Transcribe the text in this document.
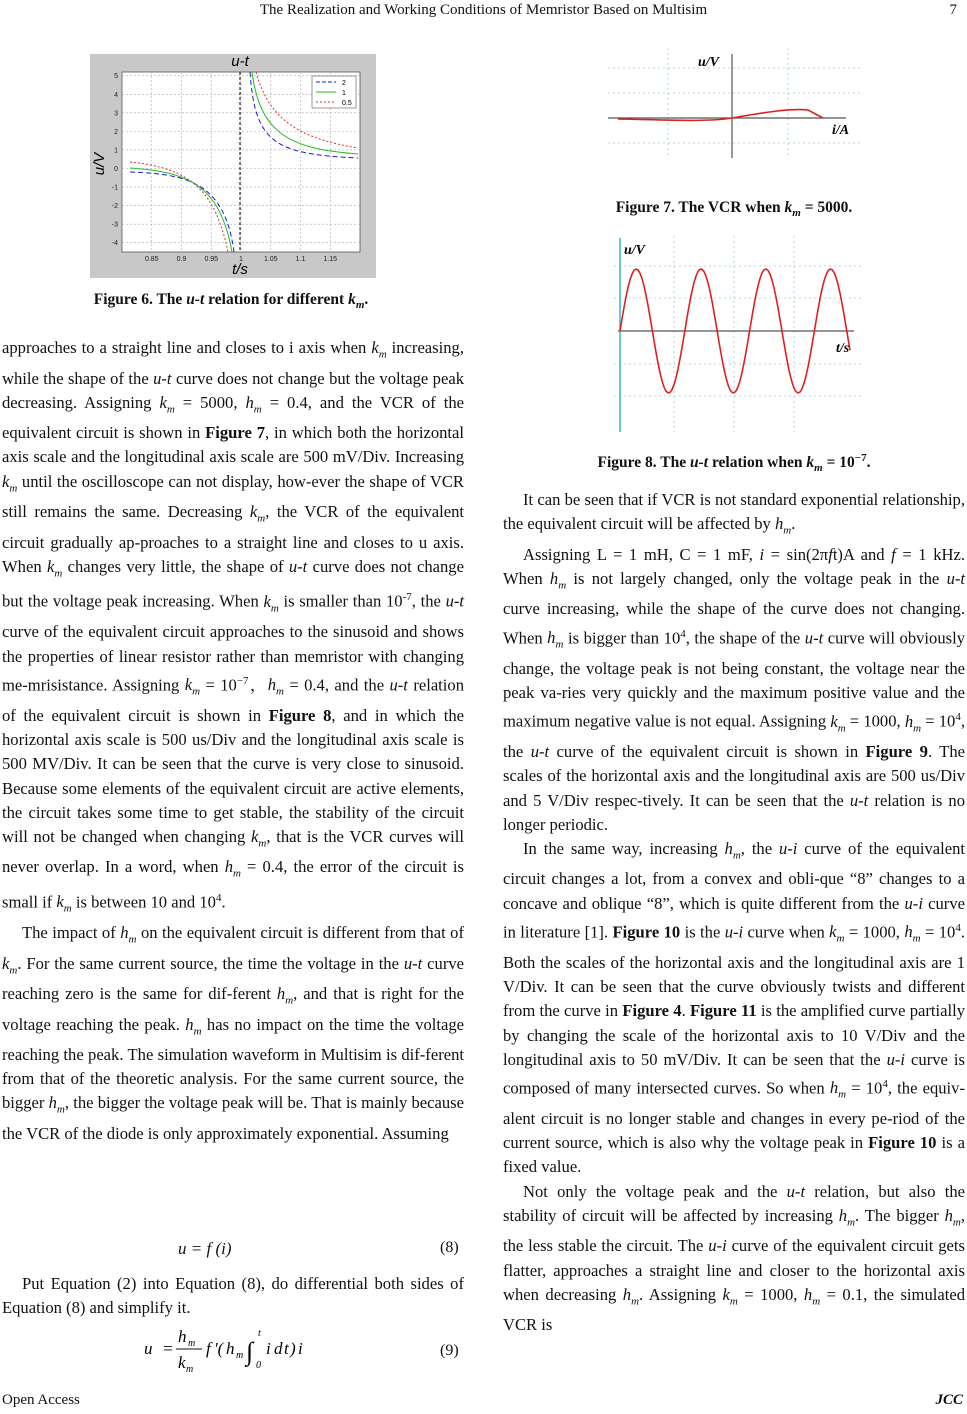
The Realization and Working Conditions of Memristor Based on Multisim	7
u-t
0.85	0.9	0.95	1	1.05	1.1	1.15
5
4
3
2
1
0
-1
-2
-3
-4
2
1
0.5
u/V
t/s
Figure 6. The u-t relation for different $k_m$.
u/V
i/A
Figure 7. The VCR when $k_m = 5000$.
u/V
t/s
Figure 8. The u-t relation when $k_m = 10^{-7}$.

approaches to a straight line and closes to i axis when $k_m$ increasing, while the shape of the u-t curve does not change but the voltage peak decreasing. Assigning $k_m = 5000$, $h_m = 0.4$, and the VCR of the equivalent circuit is shown in Figure 7, in which both the horizontal axis scale and the longitudinal axis scale are 500 mV/Div. Increasing $k_m$ until the oscilloscope can not display, how-ever the shape of VCR still remains the same. Decreasing $k_m$, the VCR of the equivalent circuit gradually ap-proaches to a straight line and closes to u axis. When $k_m$ changes very little, the shape of u-t curve does not change but the voltage peak increasing. When $k_m$ is smaller than $10^{-7}$, the u-t curve of the equivalent circuit approaches to the sinusoid and shows the properties of linear resistor rather than memristor with changing me-mrisistance. Assigning $k_m = 10^{-7}$，$h_m = 0.4$, and the u-t relation of the equivalent circuit is shown in Figure 8, and in which the horizontal axis scale is 500 us/Div and the longitudinal axis scale is 500 MV/Div. It can be seen that the curve is very close to sinusoid. Because some elements of the equivalent circuit are active elements, the circuit takes some time to get stable, the stability of the circuit will not be changed when changing $k_m$, that is the VCR curves will never overlap. In a word, when $h_m = 0.4$, the error of the circuit is small if $k_m$ is between 10 and $10^4$.

The impact of $h_m$ on the equivalent circuit is different from that of $k_m$. For the same current source, the time the voltage in the u-t curve reaching zero is the same for dif-ferent $h_m$, and that is right for the voltage reaching the peak. $h_m$ has no impact on the time the voltage reaching the peak. The simulation waveform in Multisim is dif-ferent from that of the theoretic analysis. For the same current source, the bigger $h_m$, the bigger the voltage peak will be. That is mainly because the VCR of the diode is only approximately exponential. Assuming

u = f (i)	(8)

Put Equation (2) into Equation (8), do differential both sides of Equation (8) and simplify it.

u =
h m
k m
f '( h m ∫
t
0
i d t ) i	(9)

It can be seen that if VCR is not standard exponential relationship, the equivalent circuit will be affected by $h_m$.

Assigning L = 1 mH, C = 1 mF, i = sin(2πft)A and f = 1 kHz. When $h_m$ is not largely changed, only the voltage peak in the u-t curve increasing, while the shape of the curve does not changing. When $h_m$ is bigger than $10^4$, the shape of the u-t curve will obviously change, the voltage peak is not being constant, the voltage near the peak va-ries very quickly and the maximum positive value and the maximum negative value is not equal. Assigning $k_m = 1000$, $h_m = 10^4$, the u-t curve of the equivalent circuit is shown in Figure 9. The scales of the horizontal axis and the longitudinal axis are 500 us/Div and 5 V/Div respec-tively. It can be seen that the u-t relation is no longer periodic.

In the same way, increasing $h_m$, the u-i curve of the equivalent circuit changes a lot, from a convex and obli-que “8” changes to a concave and oblique “8”, which is quite different from the u-i curve in literature [1]. Figure 10 is the u-i curve when $k_m = 1000$, $h_m = 10^4$. Both the scales of the horizontal axis and the longitudinal axis are 1 V/Div. It can be seen that the curve obviously twists and different from the curve in Figure 4. Figure 11 is the amplified curve partially by changing the scale of the horizontal axis to 10 V/Div and the longitudinal axis to 50 mV/Div. It can be seen that the u-i curve is composed of many intersected curves. So when $h_m = 10^4$, the equiv-alent circuit is no longer stable and changes in every pe-riod of the current source, which is also why the voltage peak in Figure 10 is a fixed value.

Not only the voltage peak and the u-t relation, but also the stability of circuit will be affected by increasing $h_m$. The bigger $h_m$, the less stable the circuit. The u-i curve of the equivalent circuit gets flatter, approaches a straight line and closer to the horizontal axis when decreasing $h_m$. Assigning $k_m = 1000$, $h_m = 0.1$, the simulated VCR is

Open Access	JCC
